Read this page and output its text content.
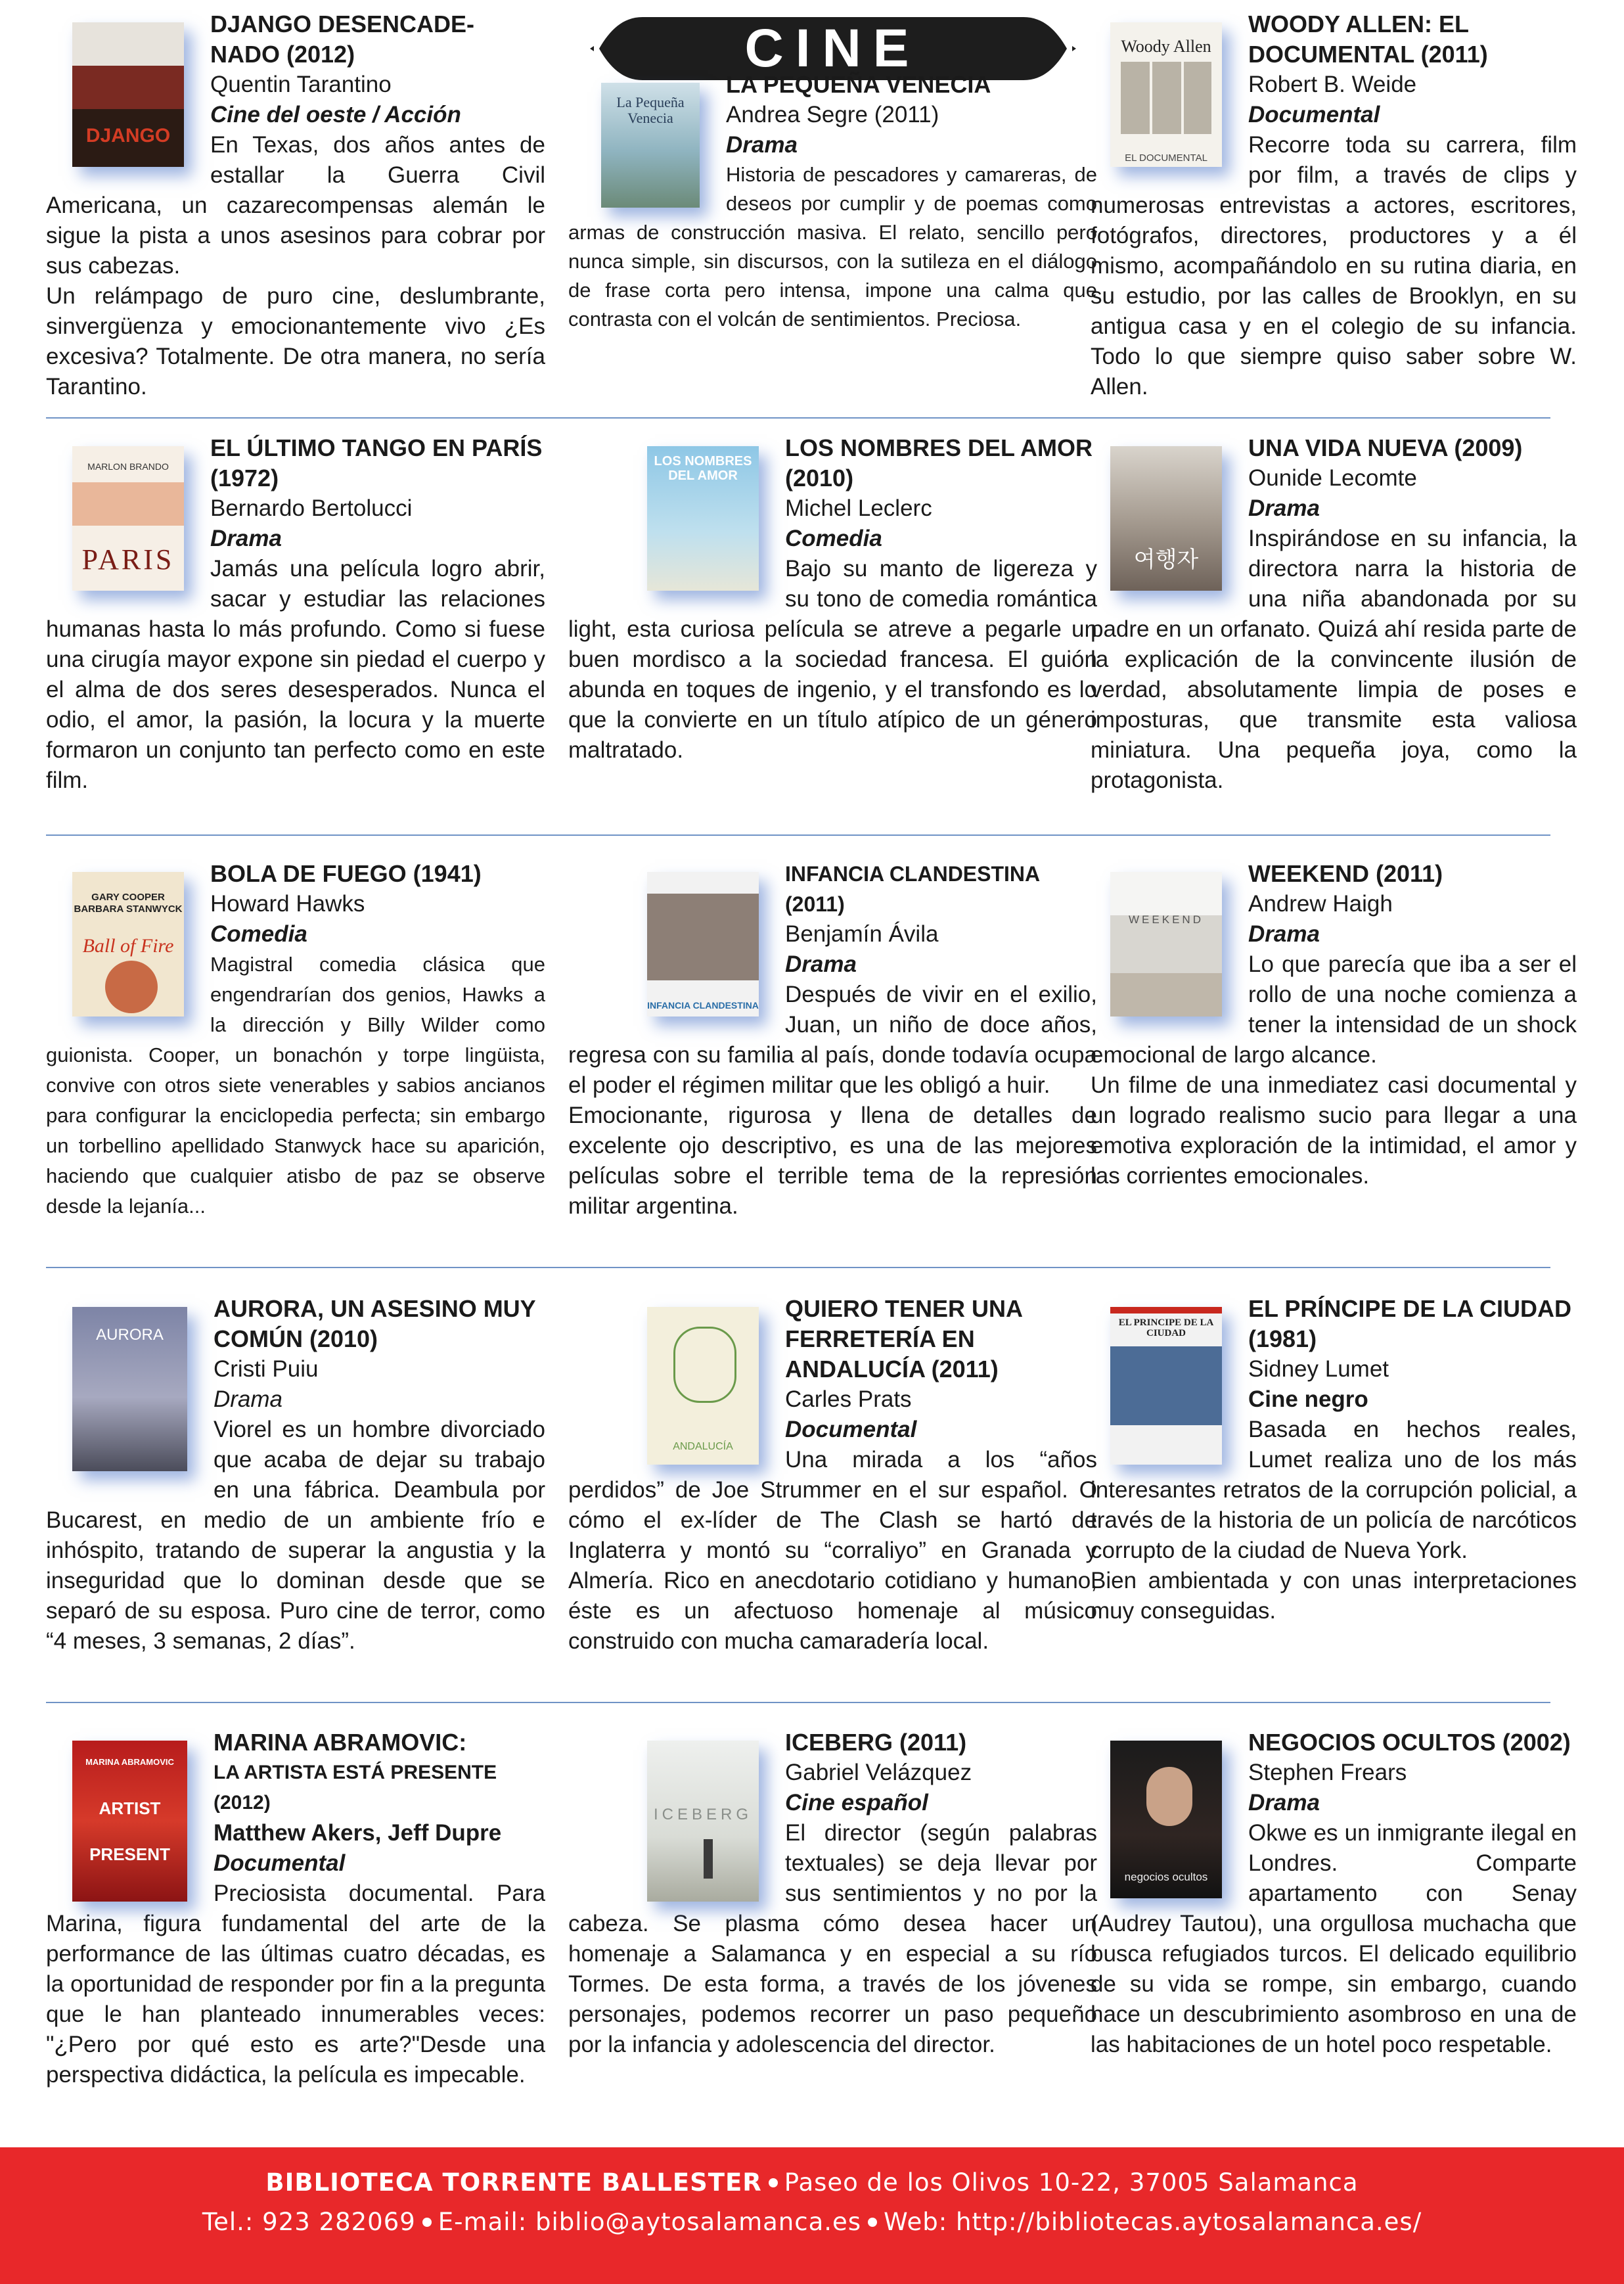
DJANGO
DJANGO DESENCADE- NADO (2012)
Quentin Tarantino
Cine del oeste / Acción

En Texas, dos años antes de estallar la Guerra Civil Americana, un cazarecompensas alemán le sigue la pista a unos asesinos para cobrar por sus cabezas.

Un relámpago de puro cine, deslumbrante, sinvergüenza y emocionantemente vivo ¿Es excesiva? Totalmente. De otra manera, no sería Tarantino.

CINE
La Pequeña Venecia
LA PEQUEÑA VENECIA
Andrea Segre (2011)
Drama

Historia de pescadores y camareras, de deseos por cumplir y de poemas como armas de construcción masiva. El relato, sencillo pero nunca simple, sin discursos, con la sutileza en el diálogo de frase corta pero intensa, impone una calma que contrasta con el volcán de sentimientos. Preciosa.

Woody Allen
EL DOCUMENTAL
WOODY ALLEN: EL DOCUMENTAL (2011)
Robert B. Weide
Documental

Recorre toda su carrera, film por film, a través de clips y numerosas entrevistas a actores, escritores, fotógrafos, directores, productores y a él mismo, acompañándolo en su rutina diaria, en su estudio, por las calles de Brooklyn, en su antigua casa y en el colegio de su infancia. Todo lo que siempre quiso saber sobre W. Allen.

MARLON BRANDO
PARIS
EL ÚLTIMO TANGO EN PARÍS (1972)
Bernardo Bertolucci
Drama

Jamás una película logro abrir, sacar y estudiar las relaciones humanas hasta lo más profundo. Como si fuese una cirugía mayor expone sin piedad el cuerpo y el alma de dos seres desesperados. Nunca el odio, el amor, la pasión, la locura y la muerte formaron un conjunto tan perfecto como en este film.

LOS NOMBRES DEL AMOR
LOS NOMBRES DEL AMOR (2010)
Michel Leclerc
Comedia

Bajo su manto de ligereza y su tono de comedia romántica light, esta curiosa película se atreve a pegarle un buen mordisco a la sociedad francesa. El guión abunda en toques de ingenio, y el transfondo es lo que la convierte en un título atípico de un género maltratado.

여행자
UNA VIDA NUEVA (2009)
Ounide Lecomte
Drama

Inspirándose en su infancia, la directora narra la historia de una niña abandonada por su padre en un orfanato. Quizá ahí resida parte de la explicación de la convincente ilusión de verdad, absolutamente limpia de poses e imposturas, que transmite esta valiosa miniatura. Una pequeña joya, como la protagonista.

GARY COOPER BARBARA STANWYCK
Ball of Fire
BOLA DE FUEGO (1941)
Howard Hawks
Comedia

Magistral comedia clásica que engendrarían dos genios, Hawks a la dirección y Billy Wilder como guionista. Cooper, un bonachón y torpe lingüista, convive con otros siete venerables y sabios ancianos para configurar la enciclopedia perfecta; sin embargo un torbellino apellidado Stanwyck hace su aparición, haciendo que cualquier atisbo de paz se observe desde la lejanía...

INFANCIA CLANDESTINA
INFANCIA CLANDESTINA (2011)
Benjamín Ávila
Drama

Después de vivir en el exilio, Juan, un niño de doce años, regresa con su familia al país, donde todavía ocupa el poder el régimen militar que les obligó a huir.

Emocionante, rigurosa y llena de detalles de excelente ojo descriptivo, es una de las mejores películas sobre el terrible tema de la represión militar argentina.

WEEKEND
WEEKEND (2011)
Andrew Haigh
Drama

Lo que parecía que iba a ser el rollo de una noche comienza a tener la intensidad de un shock emocional de largo alcance.

Un filme de una inmediatez casi documental y un logrado realismo sucio para llegar a una emotiva exploración de la intimidad, el amor y las corrientes emocionales.

AURORA
AURORA, UN ASESINO MUY COMÚN (2010)
Cristi Puiu
Drama

Viorel es un hombre divorciado que acaba de dejar su trabajo en una fábrica. Deambula por Bucarest, en medio de un ambiente frío e inhóspito, tratando de superar la angustia y la inseguridad que lo dominan desde que se separó de su esposa. Puro cine de terror, como “4 meses, 3 semanas, 2 días”.

ANDALUCÍA
QUIERO TENER UNA FERRETERÍA EN ANDALUCÍA (2011)
Carles Prats
Documental

Una mirada a los “años perdidos” de Joe Strummer en el sur español. O cómo el ex-líder de The Clash se hartó de Inglaterra y montó su “corraliyo” en Granada y Almería. Rico en anecdotario cotidiano y humano, éste es un afectuoso homenaje al músico construido con mucha camaradería local.

EL PRINCIPE DE LA CIUDAD
EL PRÍNCIPE DE LA CIUDAD (1981)
Sidney Lumet
Cine negro

Basada en hechos reales, Lumet realiza uno de los más interesantes retratos de la corrupción policial, a través de la historia de un policía de narcóticos corrupto de la ciudad de Nueva York.

Bien ambientada y con unas interpretaciones muy conseguidas.

MARINA ABRAMOVIC
ARTIST
PRESENT
MARINA ABRAMOVIC:
LA ARTISTA ESTÁ PRESENTE (2012)
Matthew Akers, Jeff Dupre
Documental

Preciosista documental. Para Marina, figura fundamental del arte de la performance de las últimas cuatro décadas, es la oportunidad de responder por fin a la pregunta que le han planteado innumerables veces: "¿Pero por qué esto es arte?"Desde una perspectiva didáctica, la película es impecable.

ICEBERG
ICEBERG (2011)
Gabriel Velázquez
Cine español

El director (según palabras textuales) se deja llevar por sus sentimientos y no por la cabeza. Se plasma cómo desea hacer un homenaje a Salamanca y en especial a su río Tormes. De esta forma, a través de los jóvenes personajes, podemos recorrer un paso pequeño por la infancia y adolescencia del director.

negocios ocultos
NEGOCIOS OCULTOS (2002)
Stephen Frears
Drama

Okwe es un inmigrante ilegal en Londres. Comparte apartamento con Senay (Audrey Tautou), una orgullosa muchacha que busca refugiados turcos. El delicado equilibrio de su vida se rompe, sin embargo, cuando hace un descubrimiento asombroso en una de las habitaciones de un hotel poco respetable.

BIBLIOTECA TORRENTE BALLESTER Paseo de los Olivos 10-22, 37005 Salamanca
Tel.: 923 282069 E-mail: biblio@aytosalamanca.es Web: http://bibliotecas.aytosalamanca.es/
